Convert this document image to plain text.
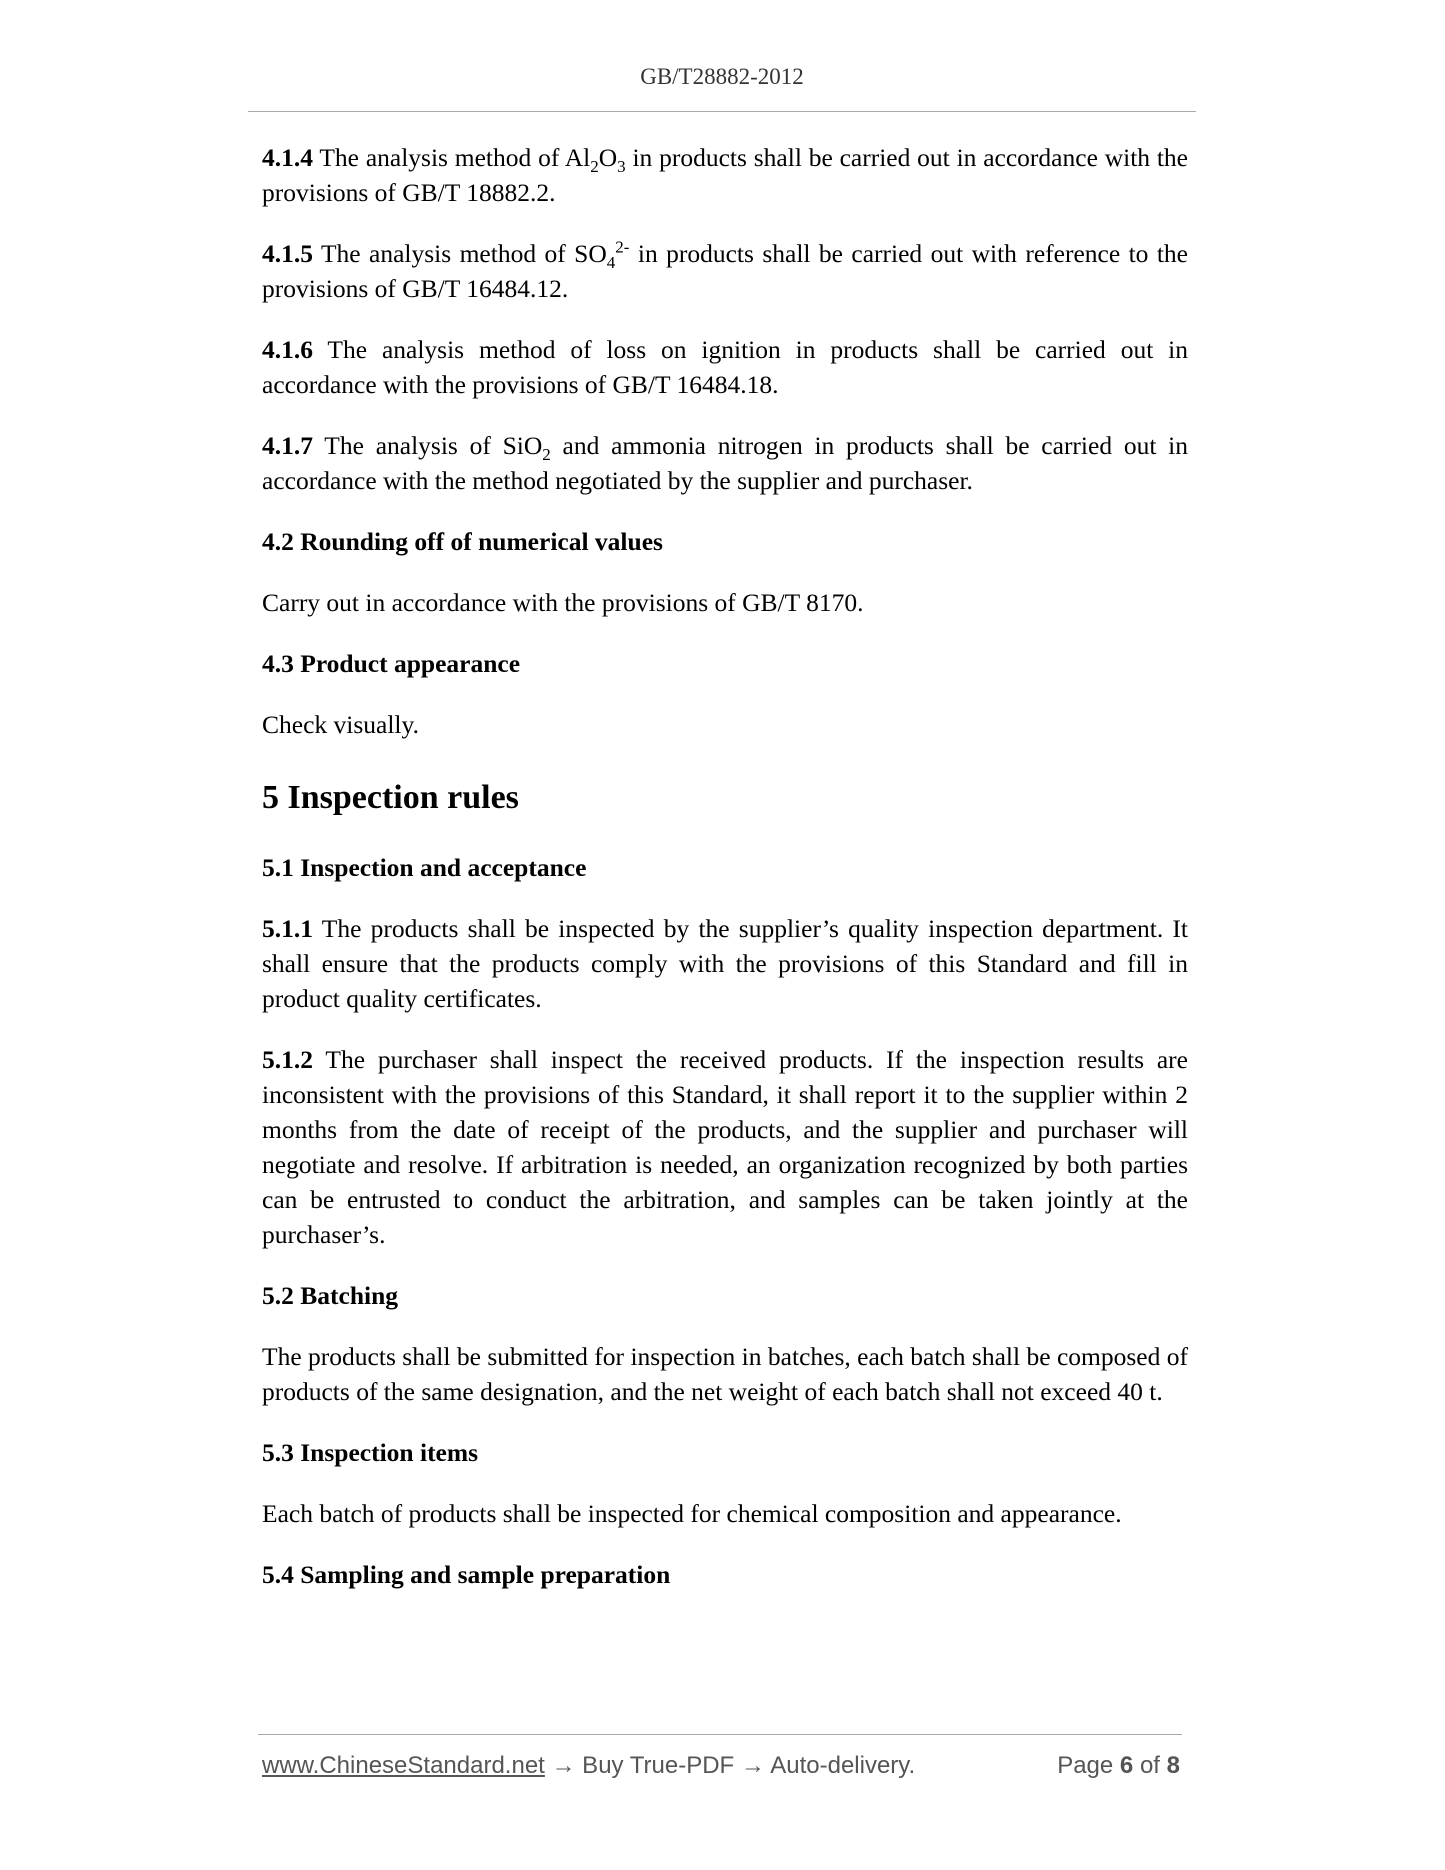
GB/T28882-2012

4.1.4 The analysis method of $Al_2O_3$ in products shall be carried out in accordance with the provisions of GB/T 18882.2.

4.1.5 The analysis method of $SO_4^{2-}$ in products shall be carried out with reference to the provisions of GB/T 16484.12.

4.1.6 The analysis method of loss on ignition in products shall be carried out in accordance with the provisions of GB/T 16484.18.

4.1.7 The analysis of SiO$_2$ and ammonia nitrogen in products shall be carried out in accordance with the method negotiated by the supplier and purchaser.

4.2 Rounding off of numerical values

Carry out in accordance with the provisions of GB/T 8170.

4.3 Product appearance

Check visually.

5 Inspection rules
5.1 Inspection and acceptance

5.1.1 The products shall be inspected by the supplier’s quality inspection department. It shall ensure that the products comply with the provisions of this Standard and fill in product quality certificates.

5.1.2 The purchaser shall inspect the received products. If the inspection results are inconsistent with the provisions of this Standard, it shall report it to the supplier within 2 months from the date of receipt of the products, and the supplier and purchaser will negotiate and resolve. If arbitration is needed, an organization recognized by both parties can be entrusted to conduct the arbitration, and samples can be taken jointly at the purchaser’s.

5.2 Batching

The products shall be submitted for inspection in batches, each batch shall be composed of products of the same designation, and the net weight of each batch shall not exceed 40 t.

5.3 Inspection items

Each batch of products shall be inspected for chemical composition and appearance.

5.4 Sampling and sample preparation
www.ChineseStandard.net → Buy True-PDF → Auto-delivery.	Page 6 of 8
